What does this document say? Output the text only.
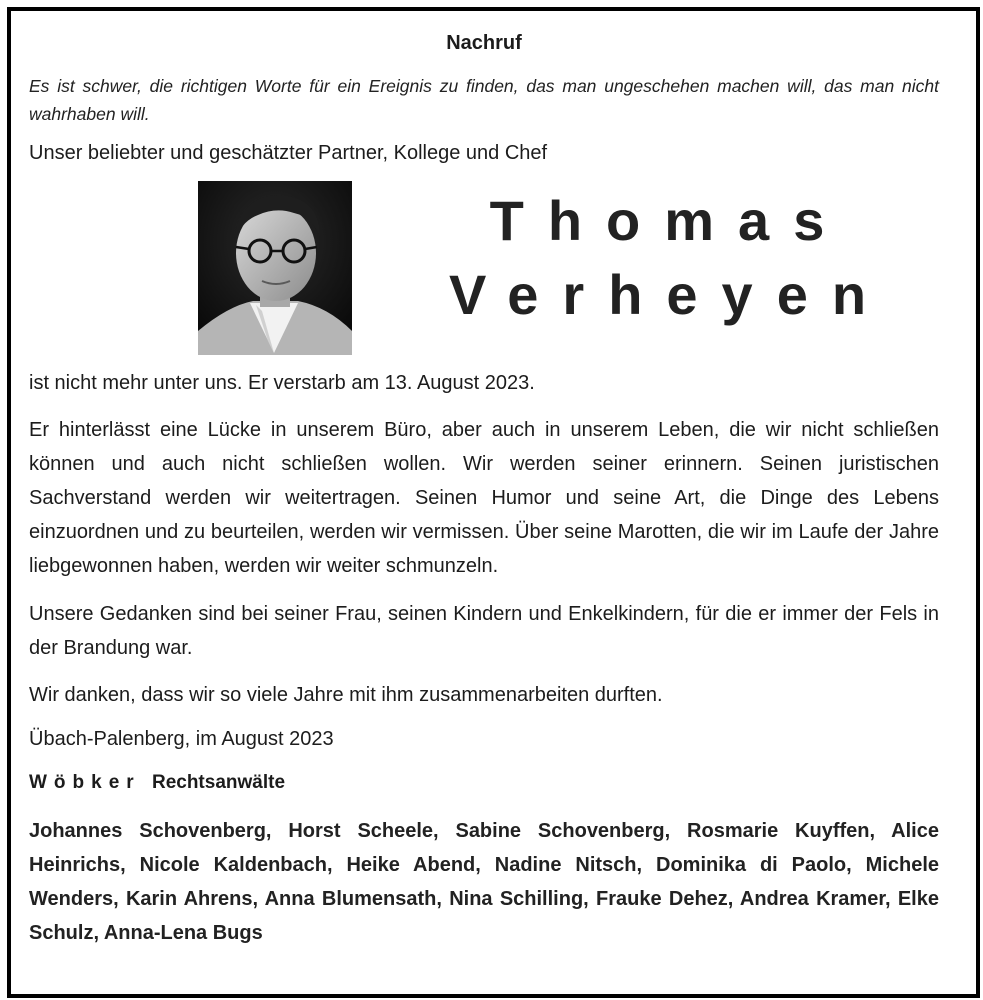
Nachruf
Es ist schwer, die richtigen Worte für ein Ereignis zu finden, das man ungeschehen machen will, das man nicht wahrhaben will.
Unser beliebter und geschätzter Partner, Kollege und Chef
Thomas
Verheyen
ist nicht mehr unter uns. Er verstarb am 13. August 2023.
Er hinterlässt eine Lücke in unserem Büro, aber auch in unserem Leben, die wir nicht schließen können und auch nicht schließen wollen. Wir werden seiner erinnern. Seinen juristischen Sachverstand werden wir weitertragen. Seinen Humor und seine Art, die Dinge des Lebens einzuordnen und zu beurteilen, werden wir vermissen. Über seine Marotten, die wir im Laufe der Jahre liebgewonnen haben, werden wir weiter schmunzeln.
Unsere Gedanken sind bei seiner Frau, seinen Kindern und Enkelkindern, für die er immer der Fels in der Brandung war.
Wir danken, dass wir so viele Jahre mit ihm zusammenarbeiten durften.
Übach-Palenberg, im August 2023
Wöbker Rechtsanwälte
Johannes Schovenberg, Horst Scheele, Sabine Schovenberg, Rosmarie Kuyffen, Alice Heinrichs, Nicole Kaldenbach, Heike Abend, Nadine Nitsch, Dominika di Paolo, Michele Wenders, Karin Ahrens, Anna Blumensath, Nina Schilling, Frauke Dehez, Andrea Kramer, Elke Schulz, Anna-Lena Bugs
